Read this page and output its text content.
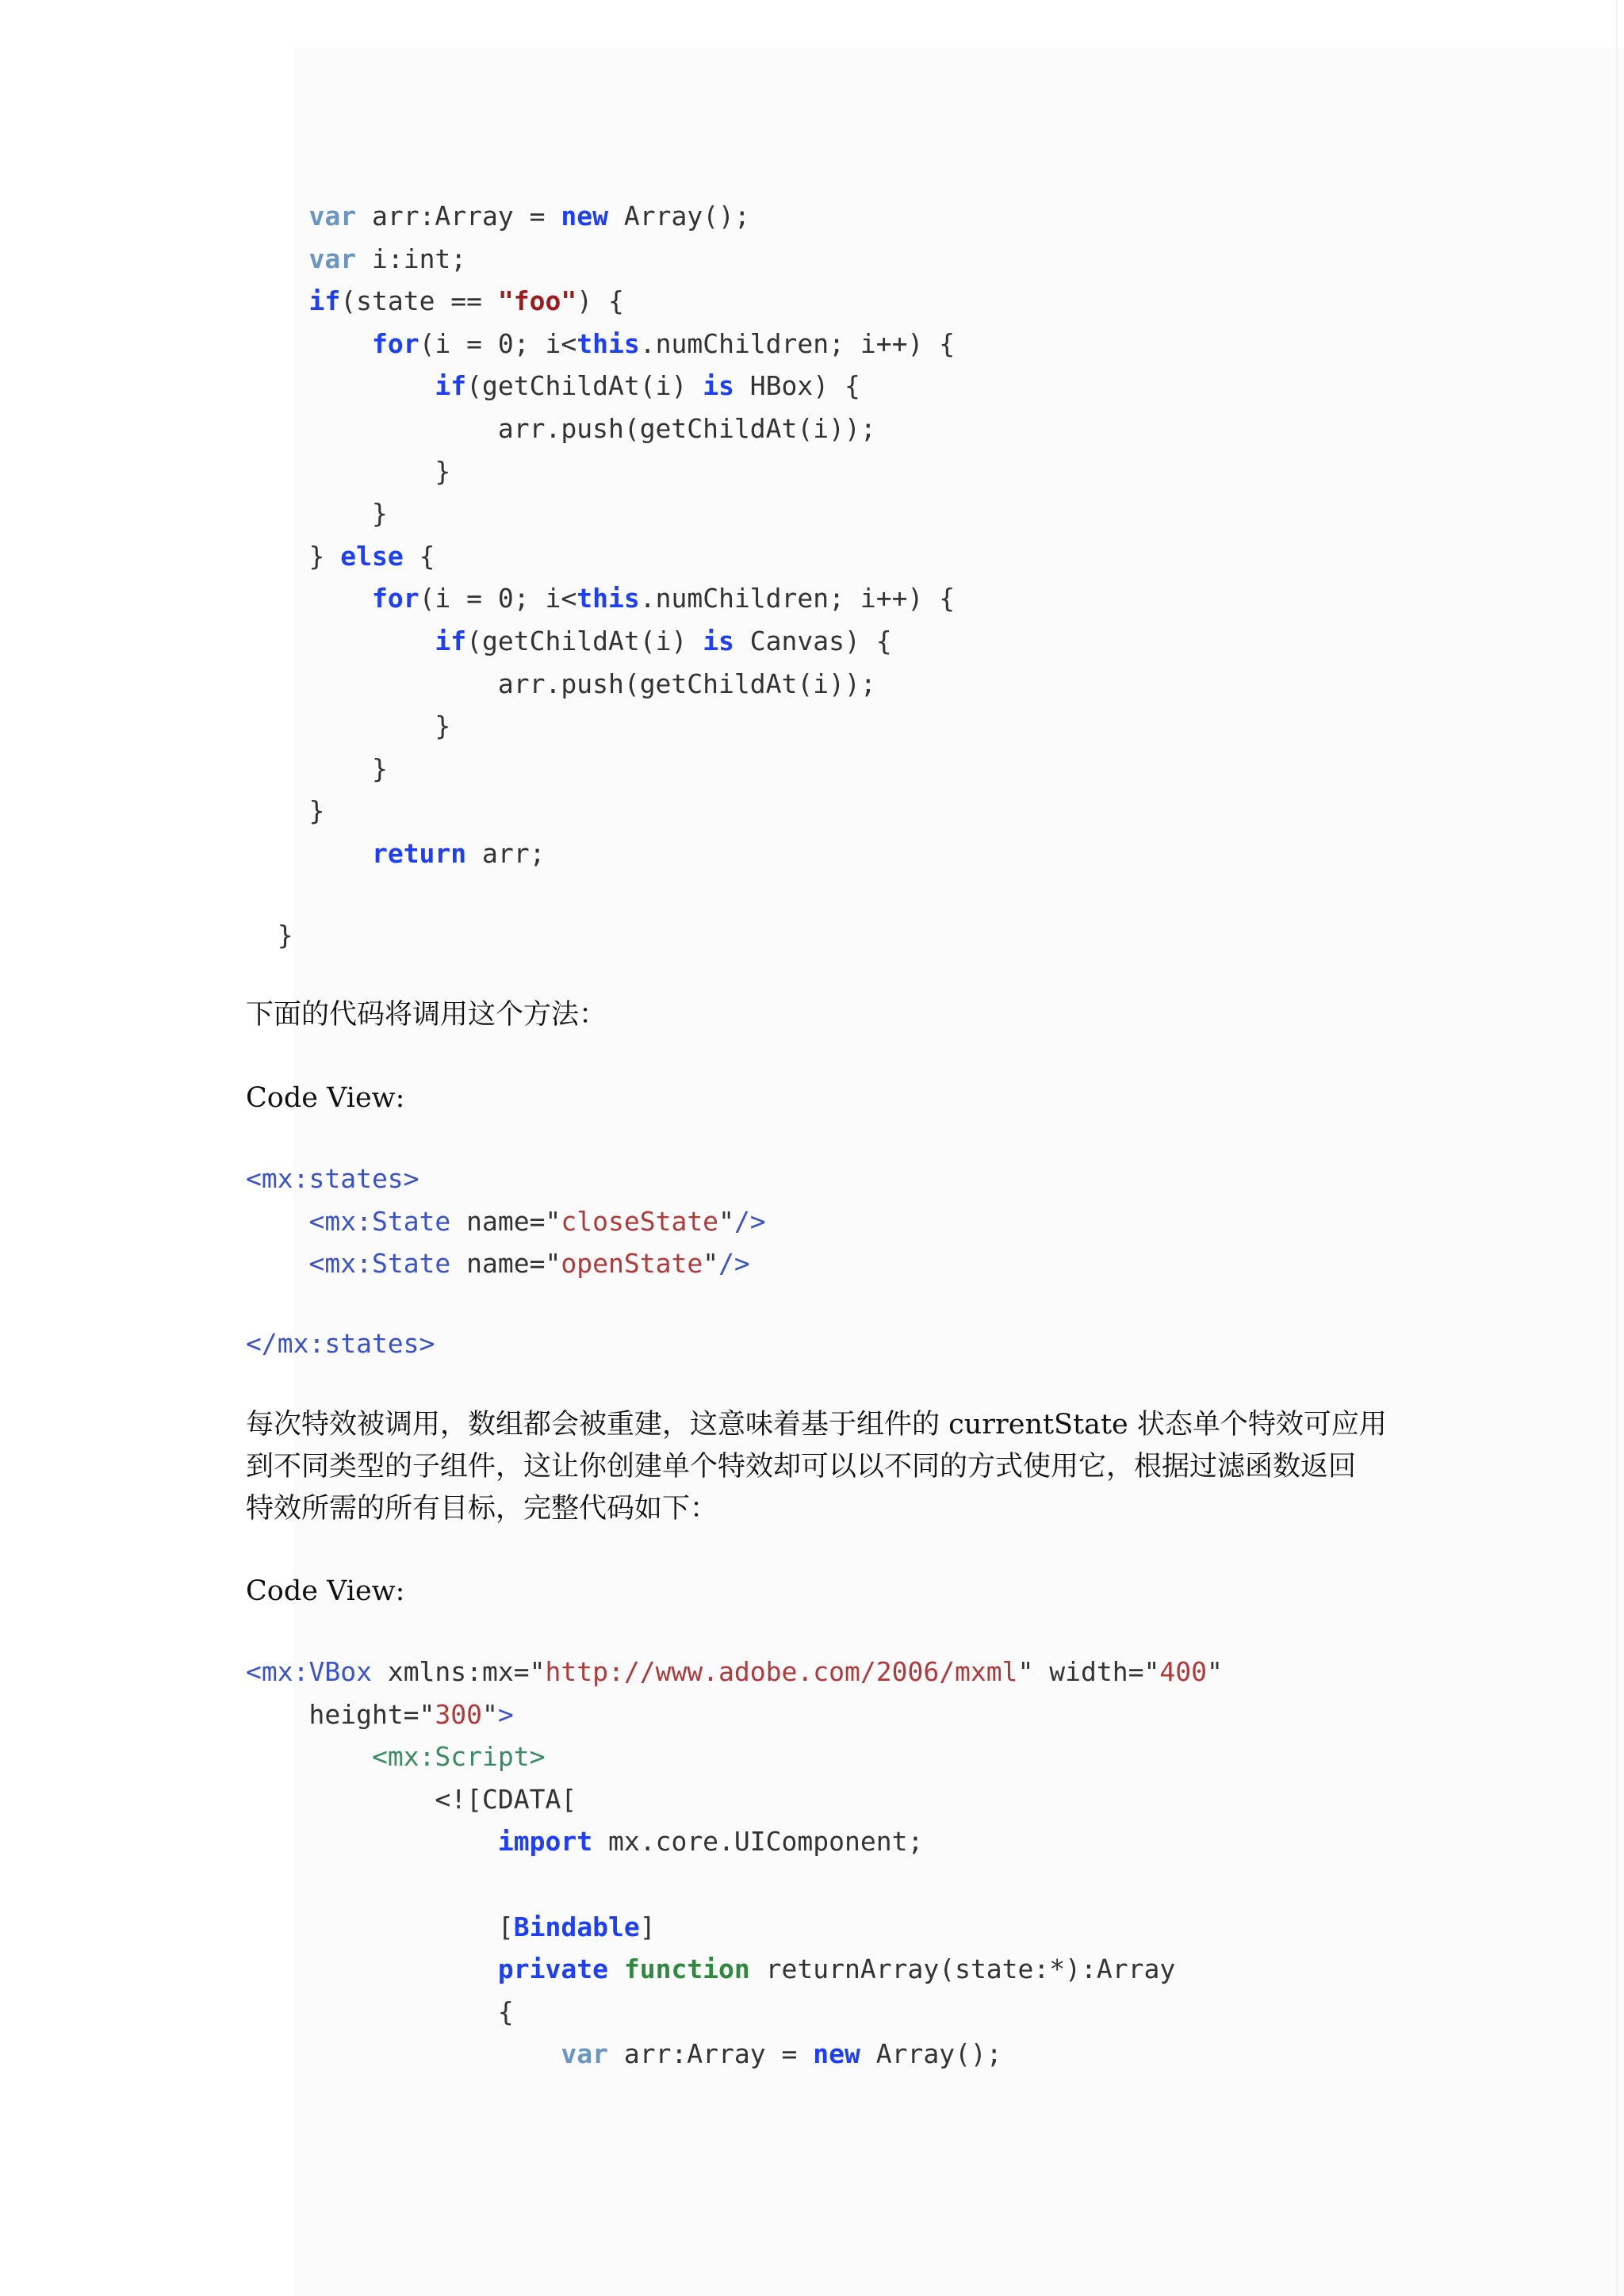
var arr:Array = new Array();
var i:int;
if(state == "foo") {
for(i = 0; i<this.numChildren; i++) {
if(getChildAt(i) is HBox) {
arr.push(getChildAt(i));
}
}
} else {
for(i = 0; i<this.numChildren; i++) {
if(getChildAt(i) is Canvas) {
arr.push(getChildAt(i));
}
}
}
return arr;
}

下面的代码将调用这个方法：

Code View:

<mx:states>
<mx:State name="closeState"/>
<mx:State name="openState"/>
</mx:states>

每次特效被调用，数组都会被重建，这意味着基于组件的 currentState 状态单个特效可应用

到不同类型的子组件，这让你创建单个特效却可以以不同的方式使用它，根据过滤函数返回

特效所需的所有目标，完整代码如下：

Code View:

<mx:VBox xmlns:mx="http://www.adobe.com/2006/mxml" width="400"
height="300">
<mx:Script>
<![CDATA[
import mx.core.UIComponent;

[Bindable]
private function returnArray(state:*):Array
{
var arr:Array = new Array();
